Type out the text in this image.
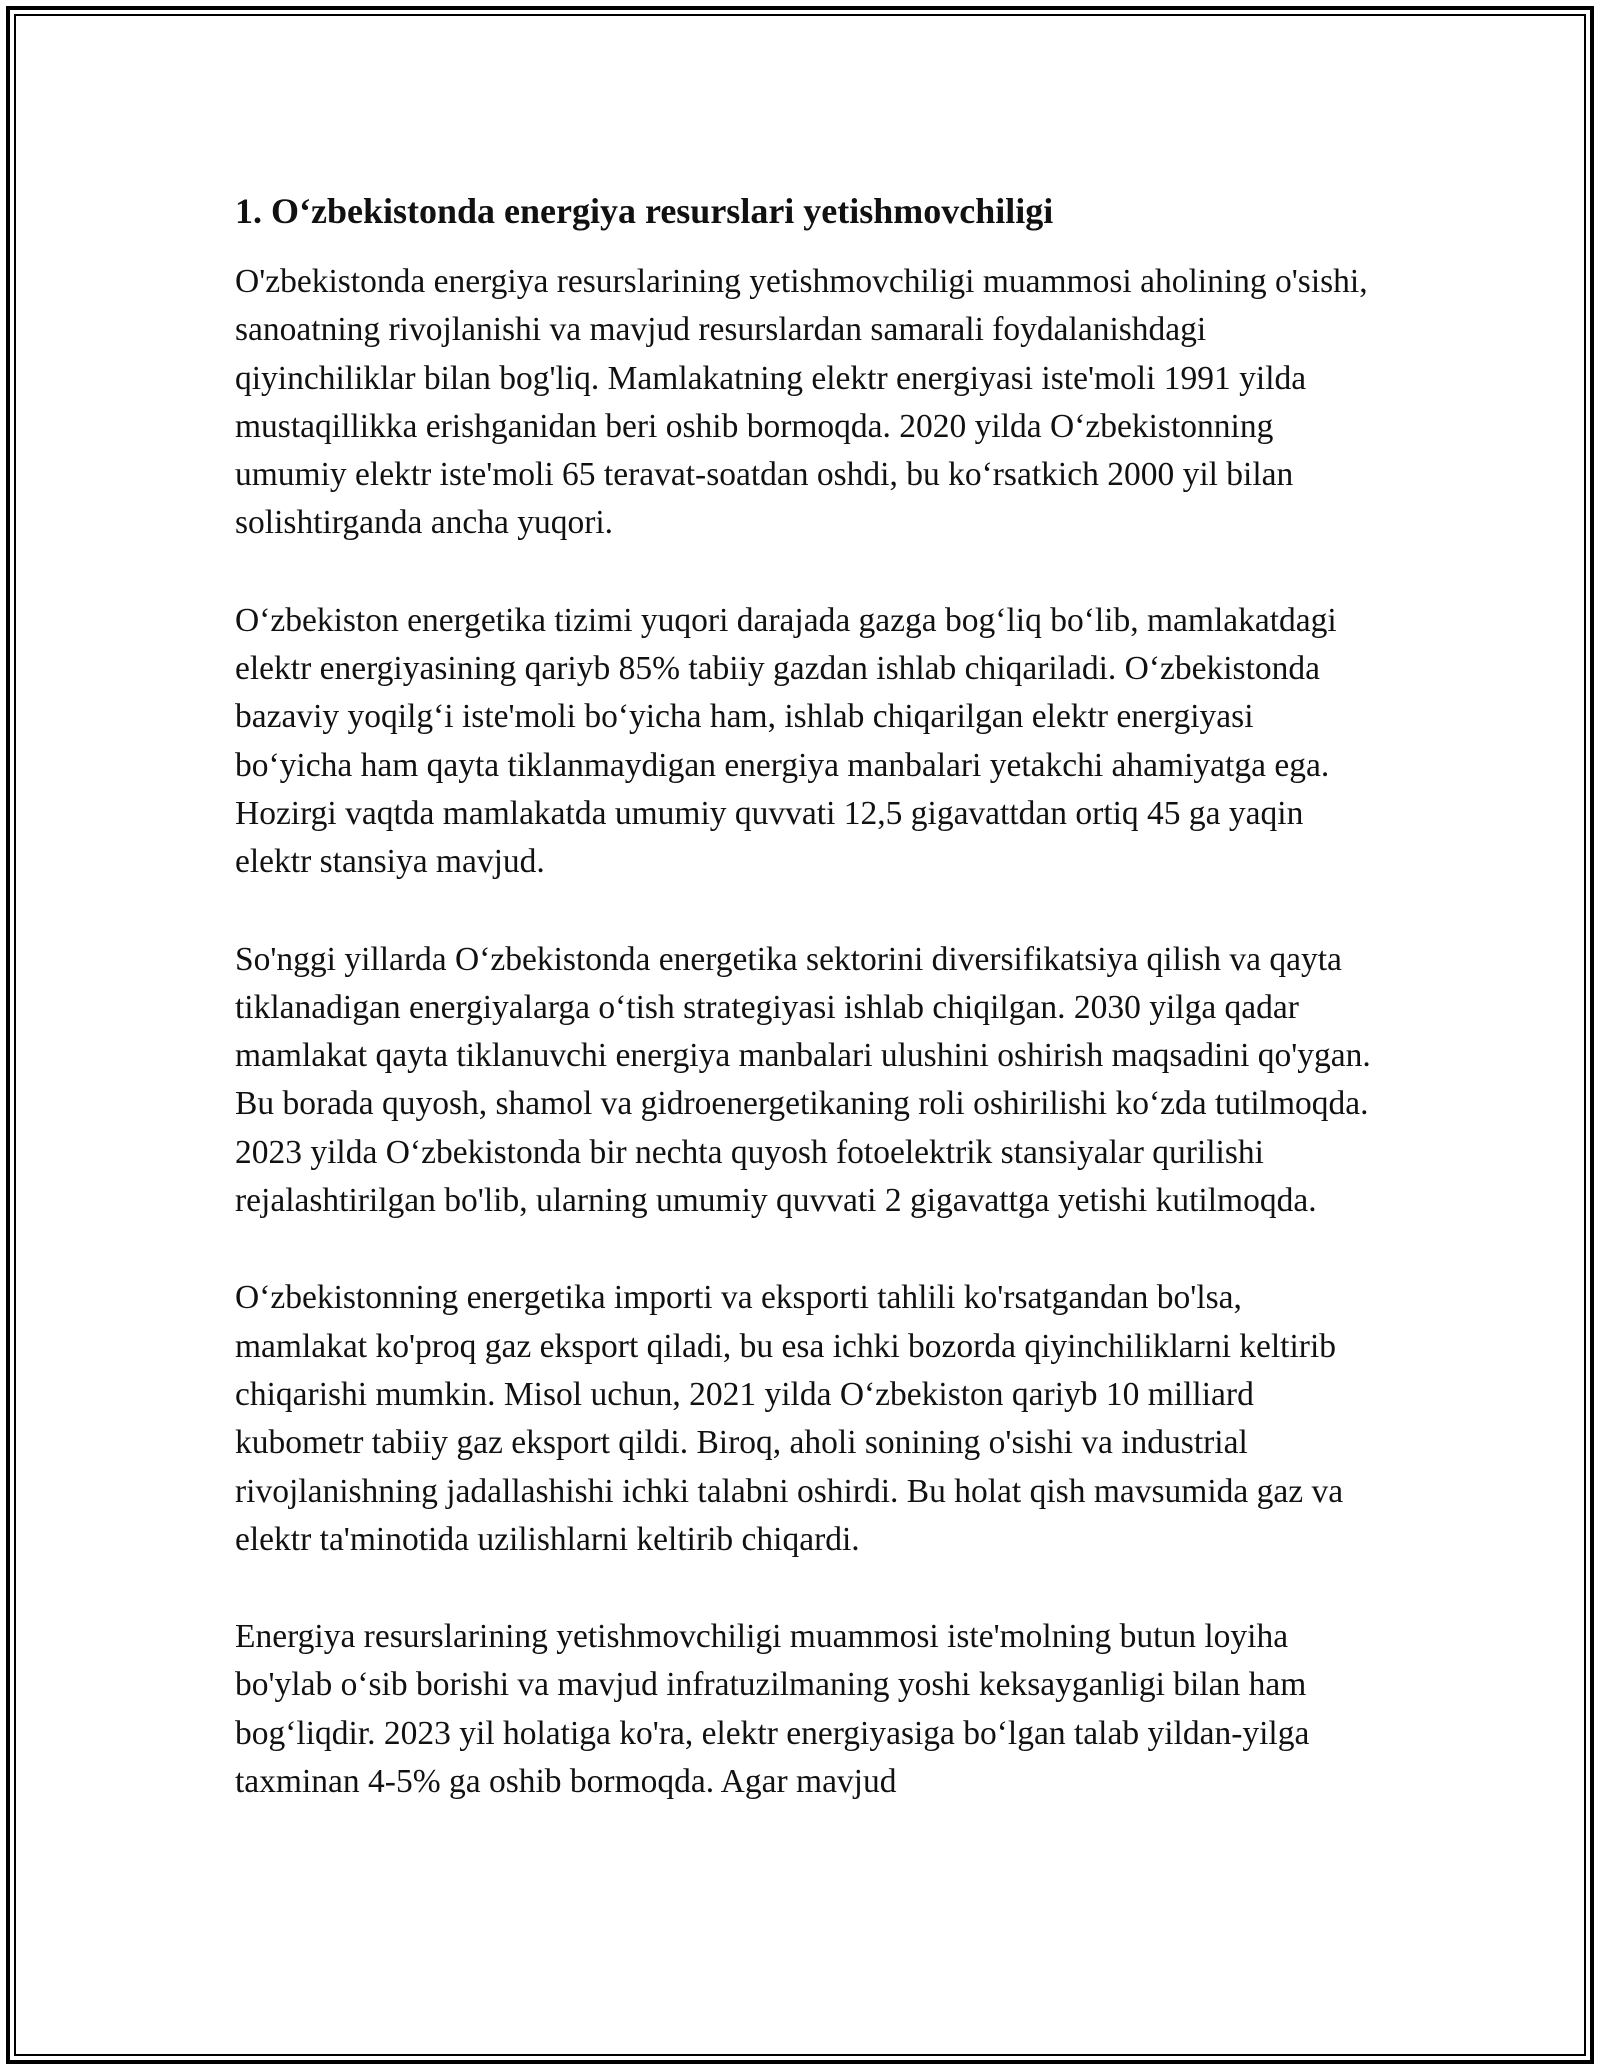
1. O‘zbekistonda energiya resurslari yetishmovchiligi

O'zbekistonda energiya resurslarining yetishmovchiligi muammosi aholining o'sishi, sanoatning rivojlanishi va mavjud resurslardan samarali foydalanishdagi qiyinchiliklar bilan bog'liq. Mamlakatning elektr energiyasi iste'moli 1991 yilda mustaqillikka erishganidan beri oshib bormoqda. 2020 yilda O‘zbekistonning umumiy elektr iste'moli 65 teravat-soatdan oshdi, bu ko‘rsatkich 2000 yil bilan solishtirganda ancha yuqori.

O‘zbekiston energetika tizimi yuqori darajada gazga bog‘liq bo‘lib, mamlakatdagi elektr energiyasining qariyb 85% tabiiy gazdan ishlab chiqariladi. O‘zbekistonda bazaviy yoqilg‘i iste'moli bo‘yicha ham, ishlab chiqarilgan elektr energiyasi bo‘yicha ham qayta tiklanmaydigan energiya manbalari yetakchi ahamiyatga ega. Hozirgi vaqtda mamlakatda umumiy quvvati 12,5 gigavattdan ortiq 45 ga yaqin elektr stansiya mavjud.

So'nggi yillarda O‘zbekistonda energetika sektorini diversifikatsiya qilish va qayta tiklanadigan energiyalarga o‘tish strategiyasi ishlab chiqilgan. 2030 yilga qadar mamlakat qayta tiklanuvchi energiya manbalari ulushini oshirish maqsadini qo'ygan. Bu borada quyosh, shamol va gidroenergetikaning roli oshirilishi ko‘zda tutilmoqda. 2023 yilda O‘zbekistonda bir nechta quyosh fotoelektrik stansiyalar qurilishi rejalashtirilgan bo'lib, ularning umumiy quvvati 2 gigavattga yetishi kutilmoqda.

O‘zbekistonning energetika importi va eksporti tahlili ko'rsatgandan bo'lsa, mamlakat ko'proq gaz eksport qiladi, bu esa ichki bozorda qiyinchiliklarni keltirib chiqarishi mumkin. Misol uchun, 2021 yilda O‘zbekiston qariyb 10 milliard kubometr tabiiy gaz eksport qildi. Biroq, aholi sonining o'sishi va industrial rivojlanishning jadallashishi ichki talabni oshirdi. Bu holat qish mavsumida gaz va elektr ta'minotida uzilishlarni keltirib chiqardi.

Energiya resurslarining yetishmovchiligi muammosi iste'molning butun loyiha bo'ylab o‘sib borishi va mavjud infratuzilmaning yoshi keksayganligi bilan ham bog‘liqdir. 2023 yil holatiga ko'ra, elektr energiyasiga bo‘lgan talab yildan-yilga taxminan 4-5% ga oshib bormoqda. Agar mavjud
